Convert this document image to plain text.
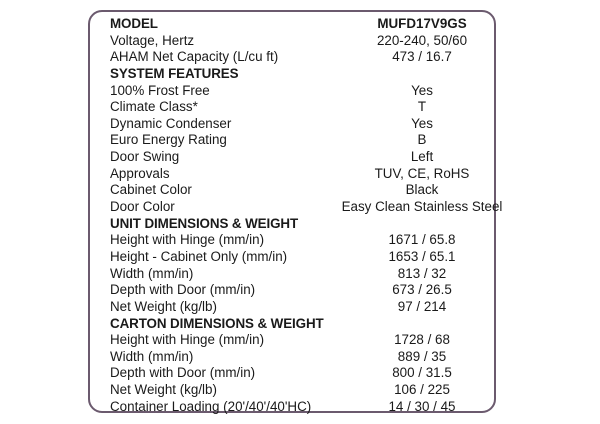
MODEL	MUFD17V9GS
Voltage, Hertz	220-240, 50/60
AHAM Net Capacity (L/cu ft)	473 / 16.7
SYSTEM FEATURES
100% Frost Free	Yes
Climate Class*	T
Dynamic Condenser	Yes
Euro Energy Rating	B
Door Swing	Left
Approvals	TUV, CE, RoHS
Cabinet Color	Black
Door Color	Easy Clean Stainless Steel
UNIT DIMENSIONS & WEIGHT
Height with Hinge (mm/in)	1671 / 65.8
Height - Cabinet Only (mm/in)	1653 / 65.1
Width (mm/in)	813 / 32
Depth with Door (mm/in)	673 / 26.5
Net Weight (kg/lb)	97 / 214
CARTON DIMENSIONS & WEIGHT
Height with Hinge (mm/in)	1728 / 68
Width (mm/in)	889 / 35
Depth with Door (mm/in)	800 / 31.5
Net Weight (kg/lb)	106 / 225
Container Loading (20'/40'/40'HC)	14 / 30 / 45
